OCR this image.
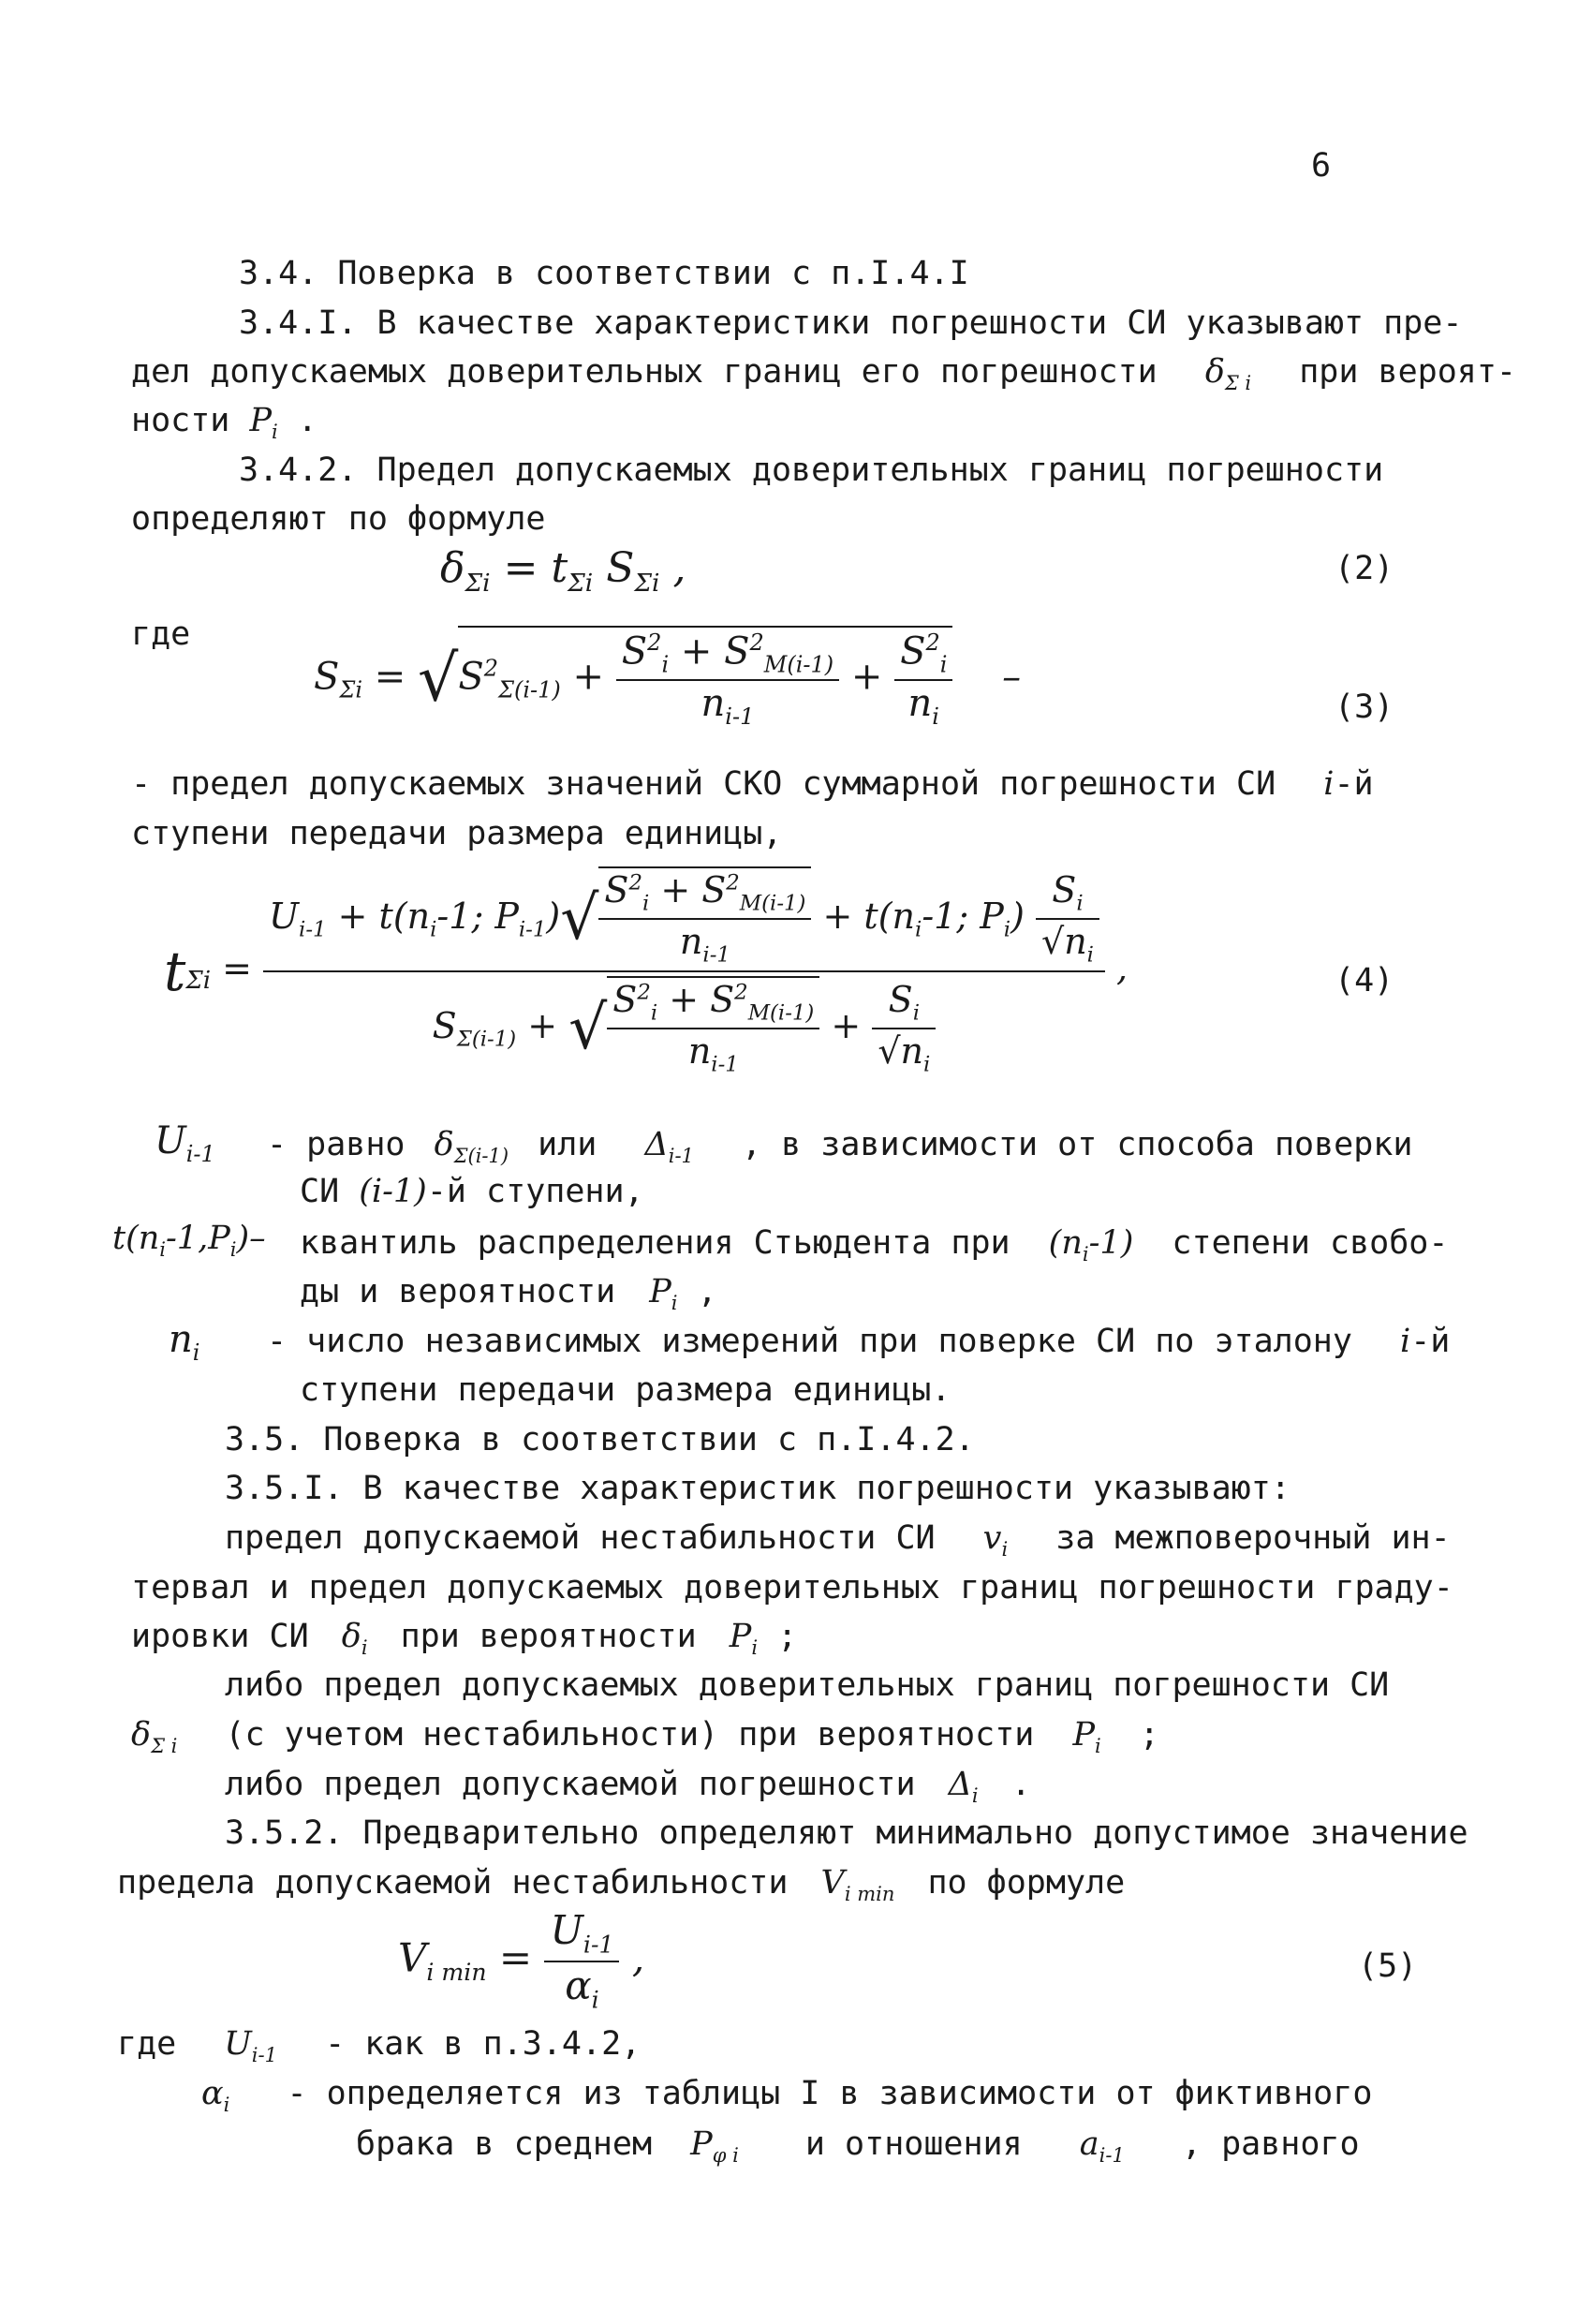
6
3.4. Поверка в соответствии с п.I.4.I
3.4.I. В качестве характеристики погрешности СИ указывают пре-
дел допускаемых доверительных границ его погрешности $\delta_{\Sigma i}$ при вероят-
ности $P_i$ .
3.4.2. Предел допускаемых доверительных границ погрешности
определяют по формуле
$\delta_{\Sigma i} = t_{\Sigma i}$ $S_{\Sigma i}$ ,	(2)
где
$S_{\Sigma i} = √S^2_{\Sigma(i-1)} + \frac{S^2_i + S^2_{M(i-1)}}{n_{i-1}} + \frac{S^2_i}{n_i}$ –
(3)
- предел допускаемых значений СКО суммарной погрешности СИ i-й
ступени передачи размера единицы,
$t_{\Sigma i} = \frac{U_{i-1} + t(n_i-1; P_{i-1})√ \frac{S^2_i + S^2_{M(i-1)}}{n_{i-1}} + t(n_i-1; P_i) \frac{S_i}{√n_i}}{S_{\Sigma(i-1)} + √ \frac{S^2_i + S^2_{M(i-1)}}{n_{i-1}} + \frac{S_i}{√n_i}}$ ,	(4)
$U_{i-1}$ - равно $\delta_{\Sigma(i-1)}$ или $\Delta_{i-1}$ , в зависимости от способа поверки
СИ (i-1)-й ступени,
$t(n_i-1,P_i)-$ квантиль распределения Стьюдента при $(n_i-1)$ степени свобо-
ды и вероятности $P_i$ ,
$n_i$ - число независимых измерений при поверке СИ по эталону i-й
ступени передачи размера единицы.
3.5. Поверка в соответствии с п.I.4.2.
3.5.I. В качестве характеристик погрешности указывают:
предел допускаемой нестабильности СИ $v_i$ за межповерочный ин-
тервал и предел допускаемых доверительных границ погрешности граду-
ировки СИ $\delta_i$ при вероятности $P_i$ ;
либо предел допускаемых доверительных границ погрешности СИ
$\delta_{\Sigma i}$ (с учетом нестабильности) при вероятности $P_i$ ;
либо предел допускаемой погрешности $\Delta_i$ .
3.5.2. Предварительно определяют минимально допустимое значение
предела допускаемой нестабильности $V_{i min}$ по формуле
$V_{i min} = \frac{U_{i-1}}{\alpha_i}$ ,	(5)
где $U_{i-1}$ - как в п.3.4.2,
$\alpha_i$ - определяется из таблицы I в зависимости от фиктивного
брака в среднем $P_{\varphi i}$ и отношения $a_{i-1}$ , равного
